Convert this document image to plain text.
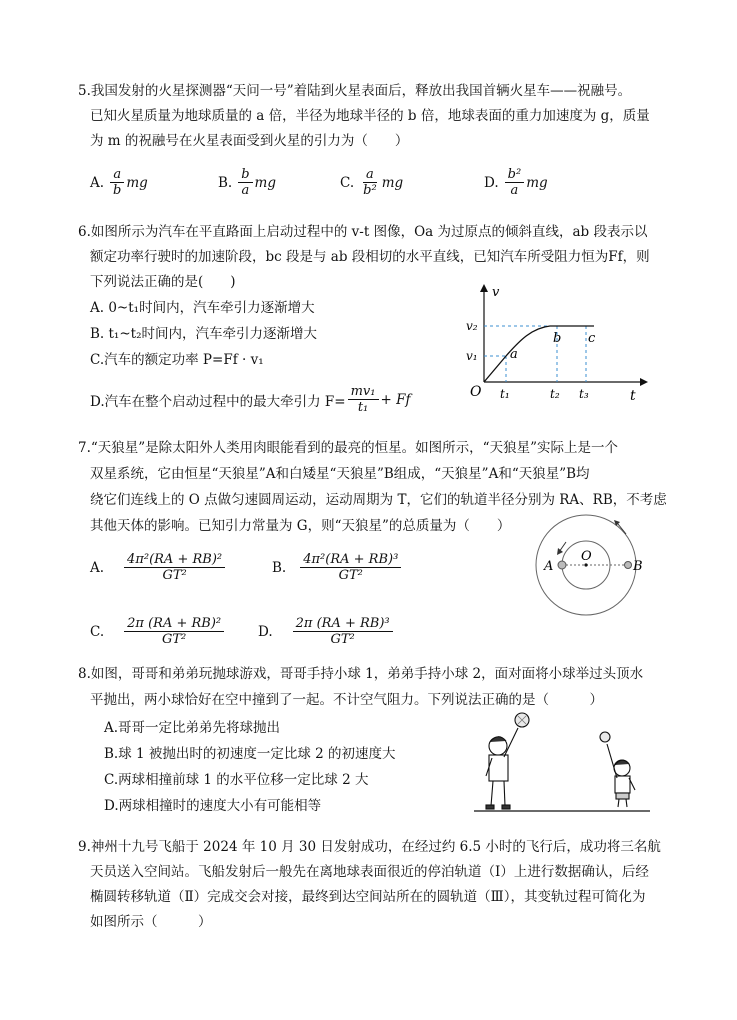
5.我国发射的火星探测器“天问一号”着陆到火星表面后，释放出我国首辆火星车——祝融号。
已知火星质量为地球质量的 a 倍，半径为地球半径的 b 倍，地球表面的重力加速度为 g，质量
为 m 的祝融号在火星表面受到火星的引力为（　　）
A. $\frac{a}{b}$ mg	B. $\frac{b}{a}$ mg	C. $\frac{a}{\text{b²}}$ mg	D. $\frac{\text{b²}}{a}$ mg
6.如图所示为汽车在平直路面上启动过程中的 v-t 图像，Oa 为过原点的倾斜直线，ab 段表示以
额定功率行驶时的加速阶段，bc 段是与 ab 段相切的水平直线，已知汽车所受阻力恒为Ff，则
下列说法正确的是(　　)
A. 0~t₁时间内，汽车牵引力逐渐增大
B. t₁~t₂时间内，汽车牵引力逐渐增大
C.汽车的额定功率 P=Ff · v₁
D.汽车在整个启动过程中的最大牵引力 $F= \frac{\text{mv₁}}{\text{t₁}} + Ff$
v
t
O
v₂
v₁ a
b c
t₁	t₂ t₃
7.“天狼星”是除太阳外人类用肉眼能看到的最亮的恒星。如图所示，“天狼星”实际上是一个
双星系统，它由恒星“天狼星”A和白矮星“天狼星”B组成，“天狼星”A和“天狼星”B均
绕它们连线上的 O 点做匀速圆周运动，运动周期为 T，它们的轨道半径分别为 RA、RB，不考虑
其他天体的影响。已知引力常量为 G，则“天狼星”的总质量为（　　）
A. $\frac{\text{4π²(RA + RB)²}}{\text{GT²}}$	B. $\frac{\text{4π²(RA + RB)³}}{\text{GT²}}$
C. $\frac{\text{2π (RA + RB)²}}{\text{GT²}}$	D. $\frac{\text{2π (RA + RB)³}}{\text{GT²}}$
A	B
O
8.如图，哥哥和弟弟玩抛球游戏，哥哥手持小球 1，弟弟手持小球 2，面对面将小球举过头顶水
平抛出，两小球恰好在空中撞到了一起。不计空气阻力。下列说法正确的是（　　　）
A.哥哥一定比弟弟先将球抛出
B.球 1 被抛出时的初速度一定比球 2 的初速度大
C.两球相撞前球 1 的水平位移一定比球 2 大
D.两球相撞时的速度大小有可能相等
9.神州十九号飞船于 2024 年 10 月 30 日发射成功，在经过约 6.5 小时的飞行后，成功将三名航
天员送入空间站。飞船发射后一般先在离地球表面很近的停泊轨道（Ⅰ）上进行数据确认，后经
椭圆转移轨道（Ⅱ）完成交会对接，最终到达空间站所在的圆轨道（Ⅲ），其变轨过程可简化为
如图所示（　　　）
